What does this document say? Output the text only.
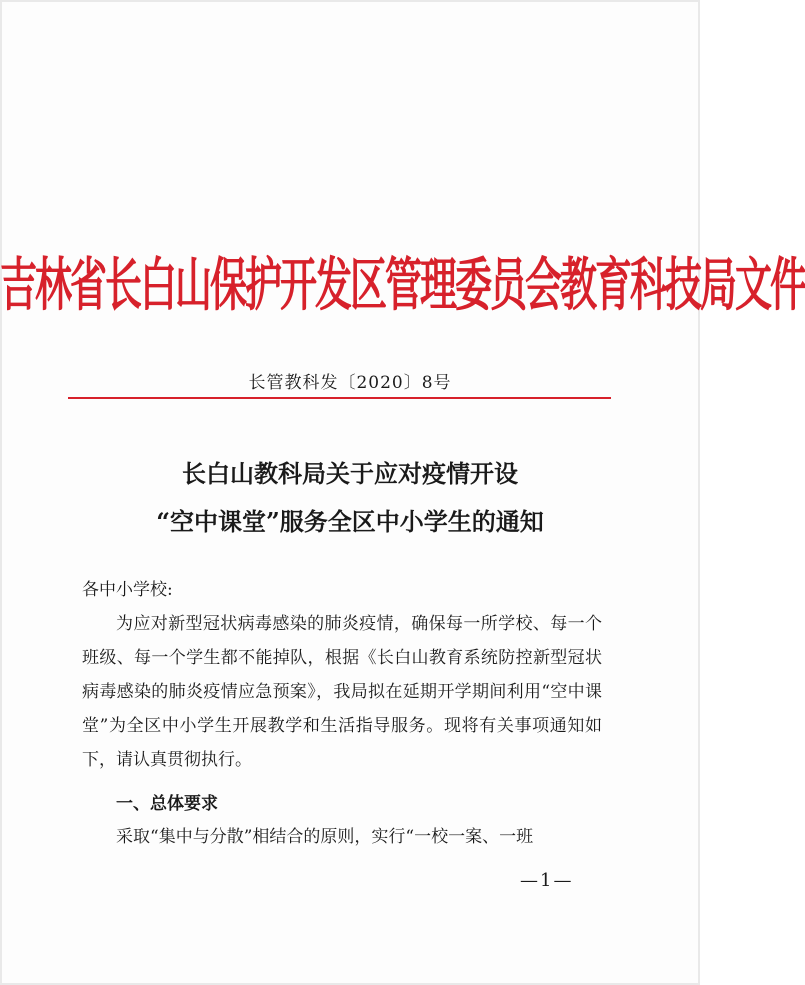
吉林省长白山保护开发区管理委员会教育科技局文件
长管教科发〔2020〕8号
长白山教科局关于应对疫情开设
“空中课堂”服务全区中小学生的通知
各中小学校:
为应对新型冠状病毒感染的肺炎疫情，确保每一所学校、每一个班级、每一个学生都不能掉队，根据《长白山教育系统防控新型冠状病毒感染的肺炎疫情应急预案》，我局拟在延期开学期间利用“空中课堂”为全区中小学生开展教学和生活指导服务。现将有关事项通知如下，请认真贯彻执行。
一、总体要求
采取“集中与分散”相结合的原则，实行“一校一案、一班
—1—
